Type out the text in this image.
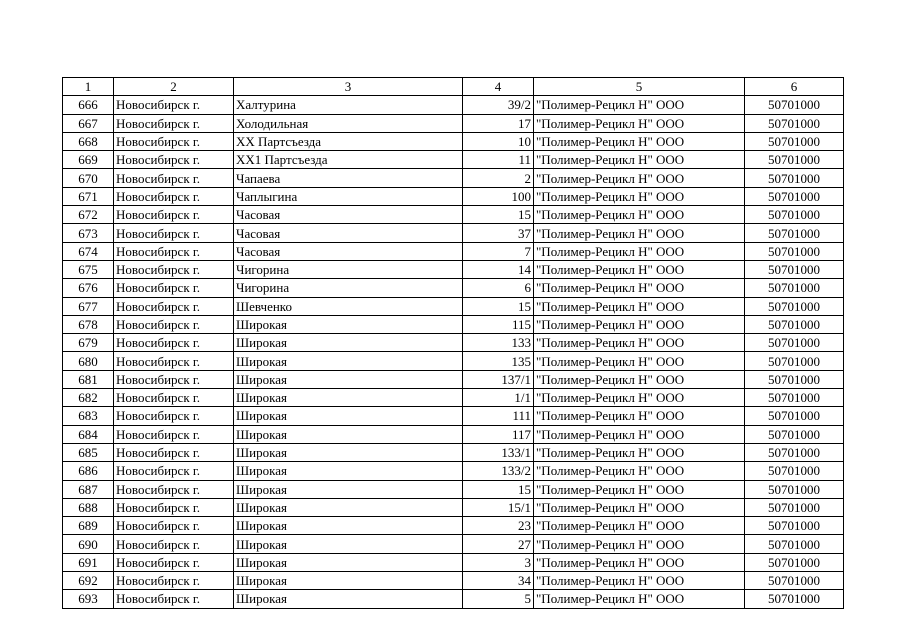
1	2	3	4	5	6
666	Новосибирск г.	Халтурина	39/2	"Полимер-Рецикл Н" ООО	50701000
667	Новосибирск г.	Холодильная	17	"Полимер-Рецикл Н" ООО	50701000
668	Новосибирск г.	XX Партсъезда	10	"Полимер-Рецикл Н" ООО	50701000
669	Новосибирск г.	XX1 Партсъезда	11	"Полимер-Рецикл Н" ООО	50701000
670	Новосибирск г.	Чапаева	2	"Полимер-Рецикл Н" ООО	50701000
671	Новосибирск г.	Чаплыгина	100	"Полимер-Рецикл Н" ООО	50701000
672	Новосибирск г.	Часовая	15	"Полимер-Рецикл Н" ООО	50701000
673	Новосибирск г.	Часовая	37	"Полимер-Рецикл Н" ООО	50701000
674	Новосибирск г.	Часовая	7	"Полимер-Рецикл Н" ООО	50701000
675	Новосибирск г.	Чигорина	14	"Полимер-Рецикл Н" ООО	50701000
676	Новосибирск г.	Чигорина	6	"Полимер-Рецикл Н" ООО	50701000
677	Новосибирск г.	Шевченко	15	"Полимер-Рецикл Н" ООО	50701000
678	Новосибирск г.	Широкая	115	"Полимер-Рецикл Н" ООО	50701000
679	Новосибирск г.	Широкая	133	"Полимер-Рецикл Н" ООО	50701000
680	Новосибирск г.	Широкая	135	"Полимер-Рецикл Н" ООО	50701000
681	Новосибирск г.	Широкая	137/1	"Полимер-Рецикл Н" ООО	50701000
682	Новосибирск г.	Широкая	1/1	"Полимер-Рецикл Н" ООО	50701000
683	Новосибирск г.	Широкая	111	"Полимер-Рецикл Н" ООО	50701000
684	Новосибирск г.	Широкая	117	"Полимер-Рецикл Н" ООО	50701000
685	Новосибирск г.	Широкая	133/1	"Полимер-Рецикл Н" ООО	50701000
686	Новосибирск г.	Широкая	133/2	"Полимер-Рецикл Н" ООО	50701000
687	Новосибирск г.	Широкая	15	"Полимер-Рецикл Н" ООО	50701000
688	Новосибирск г.	Широкая	15/1	"Полимер-Рецикл Н" ООО	50701000
689	Новосибирск г.	Широкая	23	"Полимер-Рецикл Н" ООО	50701000
690	Новосибирск г.	Широкая	27	"Полимер-Рецикл Н" ООО	50701000
691	Новосибирск г.	Широкая	3	"Полимер-Рецикл Н" ООО	50701000
692	Новосибирск г.	Широкая	34	"Полимер-Рецикл Н" ООО	50701000
693	Новосибирск г.	Широкая	5	"Полимер-Рецикл Н" ООО	50701000
